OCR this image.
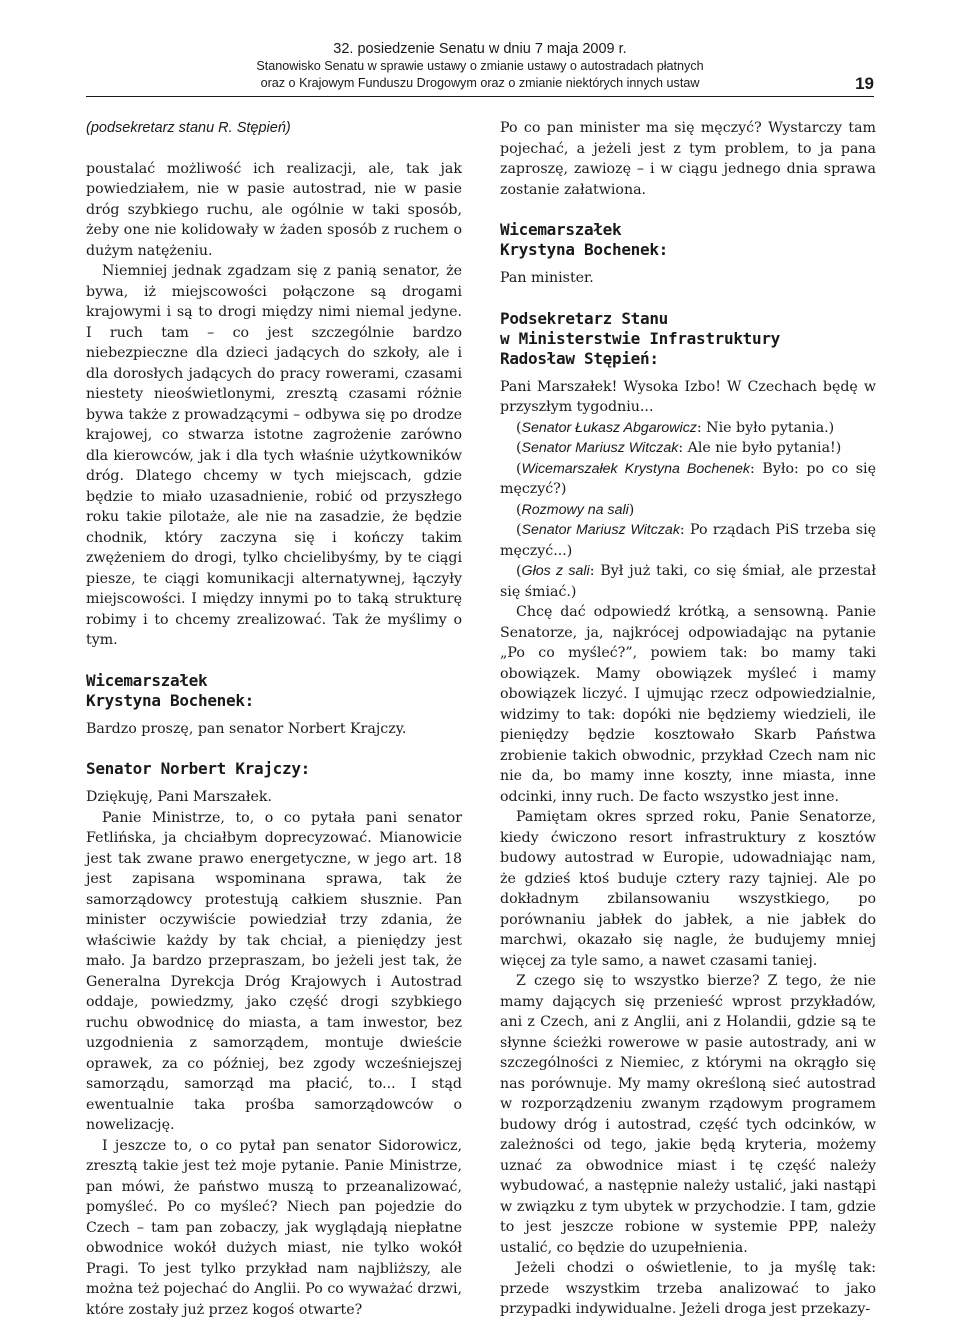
32. posiedzenie Senatu w dniu 7 maja 2009 r.
Stanowisko Senatu w sprawie ustawy o zmianie ustawy o autostradach płatnych
oraz o Krajowym Funduszu Drogowym oraz o zmianie niektórych innych ustaw	19
(podsekretarz stanu R. Stępień)

poustalać możliwość ich realizacji, ale, tak jak powiedziałem, nie w pasie autostrad, nie w pasie dróg szybkiego ruchu, ale ogólnie w taki sposób, żeby one nie kolidowały w żaden sposób z ruchem o dużym natężeniu.

Niemniej jednak zgadzam się z panią senator, że bywa, iż miejscowości połączone są drogami krajowymi i są to drogi między nimi niemal jedyne. I ruch tam – co jest szczególnie bardzo niebezpieczne dla dzieci jadących do szkoły, ale i dla dorosłych jadących do pracy rowerami, czasami niestety nieoświetlonymi, zresztą czasami różnie bywa także z prowadzącymi – odbywa się po drodze krajowej, co stwarza istotne zagrożenie zarówno dla kierowców, jak i dla tych właśnie użytkowników dróg. Dlatego chcemy w tych miejscach, gdzie będzie to miało uzasadnienie, robić od przyszłego roku takie pilotaże, ale nie na zasadzie, że będzie chodnik, który zaczyna się i kończy takim zwężeniem do drogi, tylko chcielibyśmy, by te ciągi piesze, te ciągi komunikacji alternatywnej, łączyły miejscowości. I między innymi po to taką strukturę robimy i to chcemy zrealizować. Tak że myślimy o tym.

Wicemarszałek
Krystyna Bochenek:

Bardzo proszę, pan senator Norbert Krajczy.

Senator Norbert Krajczy:

Dziękuję, Pani Marszałek.

Panie Ministrze, to, o co pytała pani senator Fetlińska, ja chciałbym doprecyzować. Mianowicie jest tak zwane prawo energetyczne, w jego art. 18 jest zapisana wspominana sprawa, tak że samorządowcy protestują całkiem słusznie. Pan minister oczywiście powiedział trzy zdania, że właściwie każdy by tak chciał, a pieniędzy jest mało. Ja bardzo przepraszam, bo jeżeli jest tak, że Generalna Dyrekcja Dróg Krajowych i Autostrad oddaje, powiedzmy, jako część drogi szybkiego ruchu obwodnicę do miasta, a tam inwestor, bez uzgodnienia z samorządem, montuje dwieście oprawek, za co później, bez zgody wcześniejszej samorządu, samorząd ma płacić, to... I stąd ewentualnie taka prośba samorządowców o nowelizację.

I jeszcze to, o co pytał pan senator Sidorowicz, zresztą takie jest też moje pytanie. Panie Ministrze, pan mówi, że państwo muszą to przeanalizować, pomyśleć. Po co myśleć? Niech pan pojedzie do Czech – tam pan zobaczy, jak wyglądają niepłatne obwodnice wokół dużych miast, nie tylko wokół Pragi. To jest tylko przykład nam najbliższy, ale można też pojechać do Anglii. Po co wyważać drzwi, które zostały już przez kogoś otwarte?

Po co pan minister ma się męczyć? Wystarczy tam pojechać, a jeżeli jest z tym problem, to ja pana zaproszę, zawiozę – i w ciągu jednego dnia sprawa zostanie załatwiona.

Wicemarszałek
Krystyna Bochenek:

Pan minister.

Podsekretarz Stanu
w Ministerstwie Infrastruktury
Radosław Stępień:

Pani Marszałek! Wysoka Izbo! W Czechach będę w przyszłym tygodniu...

(Senator Łukasz Abgarowicz: Nie było pytania.)

(Senator Mariusz Witczak: Ale nie było pytania!)

(Wicemarszałek Krystyna Bochenek: Było: po co się męczyć?)

(Rozmowy na sali)

(Senator Mariusz Witczak: Po rządach PiS trzeba się męczyć...)

(Głos z sali: Był już taki, co się śmiał, ale przestał się śmiać.)

Chcę dać odpowiedź krótką, a sensowną. Panie Senatorze, ja, najkrócej odpowiadając na pytanie „Po co myśleć?”, powiem tak: bo mamy taki obowiązek. Mamy obowiązek myśleć i mamy obowiązek liczyć. I ujmując rzecz odpowiedzialnie, widzimy to tak: dopóki nie będziemy wiedzieli, ile pieniędzy będzie kosztowało Skarb Państwa zrobienie takich obwodnic, przykład Czech nam nic nie da, bo mamy inne koszty, inne miasta, inne odcinki, inny ruch. De facto wszystko jest inne.

Pamiętam okres sprzed roku, Panie Senatorze, kiedy ćwiczono resort infrastruktury z kosztów budowy autostrad w Europie, udowadniając nam, że gdzieś ktoś buduje cztery razy tajniej. Ale po dokładnym zbilansowaniu wszystkiego, po porównaniu jabłek do jabłek, a nie jabłek do marchwi, okazało się nagle, że budujemy mniej więcej za tyle samo, a nawet czasami taniej.

Z czego się to wszystko bierze? Z tego, że nie mamy dających się przenieść wprost przykładów, ani z Czech, ani z Anglii, ani z Holandii, gdzie są te słynne ścieżki rowerowe w pasie autostrady, ani w szczególności z Niemiec, z którymi na okrągło się nas porównuje. My mamy określoną sieć autostrad w rozporządzeniu zwanym rządowym programem budowy dróg i autostrad, część tych odcinków, w zależności od tego, jakie będą kryteria, możemy uznać za obwodnice miast i tę część należy wybudować, a następnie należy ustalić, jaki nastąpi w związku z tym ubytek w przychodzie. I tam, gdzie to jest jeszcze robione w systemie PPP, należy ustalić, co będzie do uzupełnienia.

Jeżeli chodzi o oświetlenie, to ja myślę tak: przede wszystkim trzeba analizować to jako przypadki indywidualne. Jeżeli droga jest przekazy-
